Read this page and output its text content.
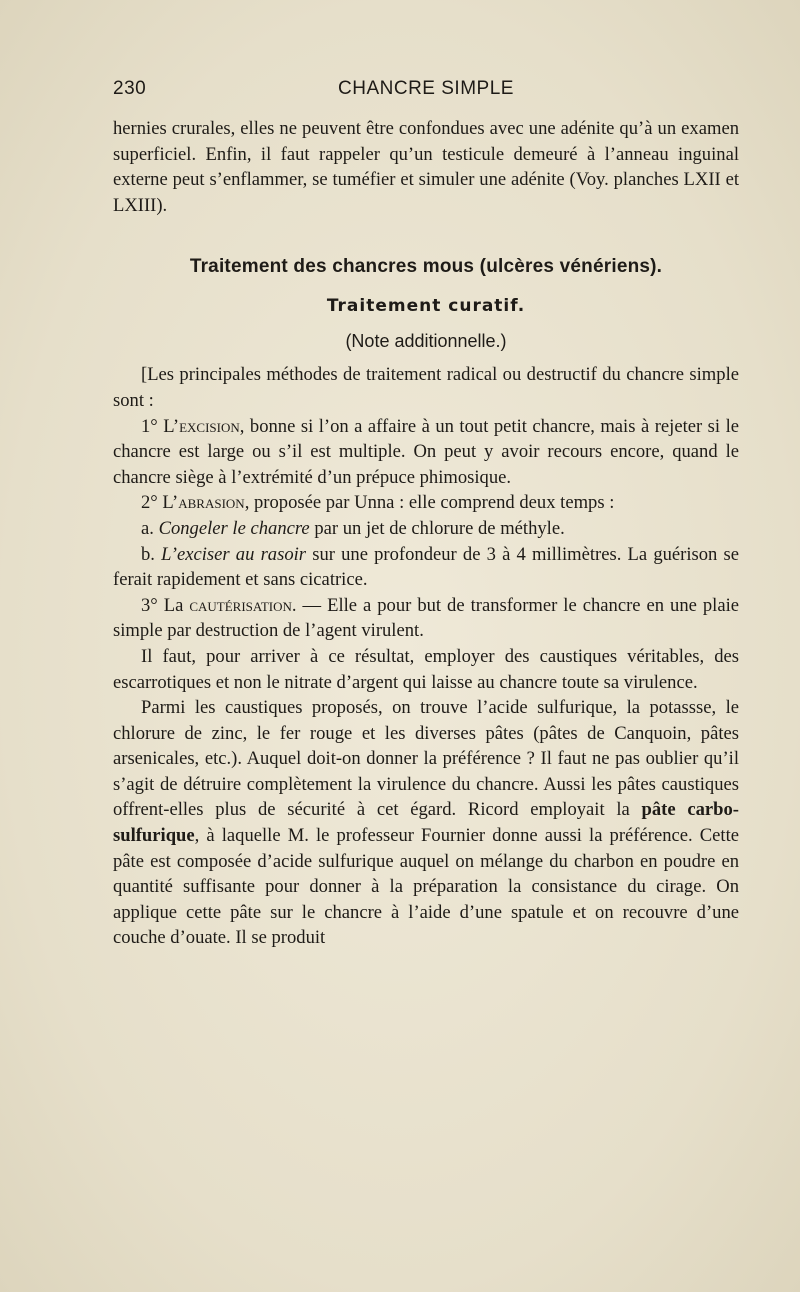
230	CHANCRE SIMPLE

hernies crurales, elles ne peuvent être confondues avec une adénite qu’à un examen superficiel. Enfin, il faut rappeler qu’un testicule demeuré à l’anneau inguinal externe peut s’enflammer, se tuméfier et simuler une adénite (Voy. planches LXII et LXIII).

Traitement des chancres mous (ulcères vénériens).
Traitement curatif.
(Note additionnelle.)

[Les principales méthodes de traitement radical ou destructif du chancre simple sont :

1° L’excision, bonne si l’on a affaire à un tout petit chancre, mais à rejeter si le chancre est large ou s’il est multiple. On peut y avoir recours encore, quand le chancre siège à l’extrémité d’un prépuce phimosique.

2° L’abrasion, proposée par Unna : elle comprend deux temps :

a. Congeler le chancre par un jet de chlorure de méthyle.

b. L’exciser au rasoir sur une profondeur de 3 à 4 millimètres. La guérison se ferait rapidement et sans cicatrice.

3° La cautérisation. — Elle a pour but de transformer le chancre en une plaie simple par destruction de l’agent virulent.

Il faut, pour arriver à ce résultat, employer des caustiques véritables, des escarrotiques et non le nitrate d’argent qui laisse au chancre toute sa virulence.

Parmi les caustiques proposés, on trouve l’acide sulfurique, la potassse, le chlorure de zinc, le fer rouge et les diverses pâtes (pâtes de Canquoin, pâtes arsenicales, etc.). Auquel doit-on donner la préférence ? Il faut ne pas oublier qu’il s’agit de détruire complètement la virulence du chancre. Aussi les pâtes caustiques offrent-elles plus de sécurité à cet égard. Ricord employait la pâte carbo-sulfurique, à laquelle M. le professeur Fournier donne aussi la préférence. Cette pâte est composée d’acide sulfurique auquel on mélange du charbon en poudre en quantité suffisante pour donner à la préparation la consistance du cirage. On applique cette pâte sur le chancre à l’aide d’une spatule et on recouvre d’une couche d’ouate. Il se produit
